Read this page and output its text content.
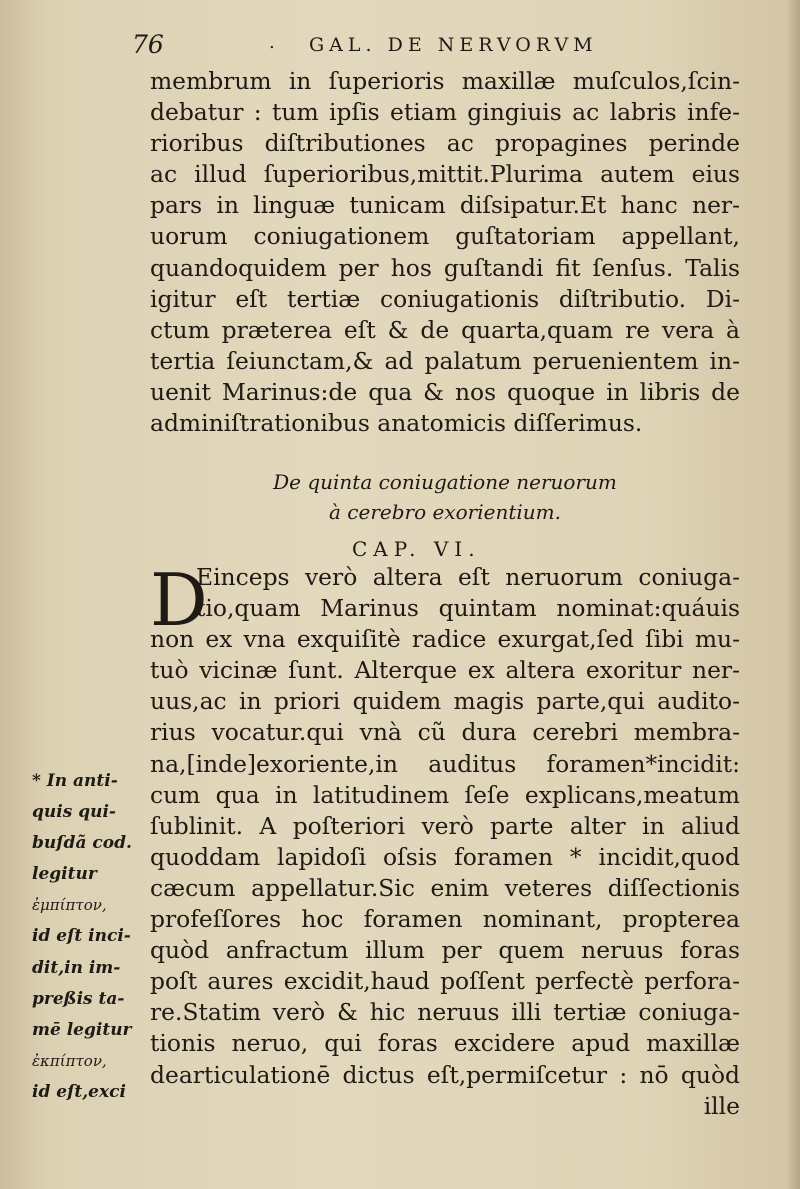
76	. GAL. DE NERVORVM
membrum in ſuperioris maxillæ muſculos,ſcin-
debatur : tum ipſis etiam gingiuis ac labris infe-
rioribus diſtributiones ac propagines perinde
ac illud ſuperioribus,mittit.Plurima autem eius
pars in linguæ tunicam diſsipatur.Et hanc ner-
uorum coniugationem guſtatoriam appellant,
quandoquidem per hos guſtandi fit ſenſus. Talis
igitur eſt tertiæ coniugationis diſtributio. Di-
ctum præterea eſt & de quarta,quam re vera à
tertia ſeiunctam,& ad palatum peruenientem in-
uenit Marinus:de qua & nos quoque in libris de
adminiſtrationibus anatomicis diſſerimus.
De quinta coniugatione neruorum
à cerebro exorientium.
CAP. VI.
D
Einceps verò altera eſt neruorum coniuga-
tio,quam Marinus quintam nominat:quáuis
non ex vna exquiſitè radice exurgat,ſed ſibi mu-
tuò vicinæ ſunt. Alterque ex altera exoritur ner-
uus,ac in priori quidem magis parte,qui audito-
rius vocatur.qui vnà cũ dura cerebri membra-
na,[inde]exoriente,in auditus foramen*incidit:
cum qua in latitudinem ſeſe explicans,meatum
ſublinit. A poſteriori verò parte alter in aliud
quoddam lapidoſi oſsis foramen * incidit,quod
cæcum appellatur.Sic enim veteres diſſectionis
profeſſores hoc foramen nominant, propterea
quòd anfractum illum per quem neruus foras
poſt aures excidit,haud poſſent perfectè perfora-
re.Statim verò & hic neruus illi tertiæ coniuga-
tionis neruo, qui foras excidere apud maxillæ
dearticulationē dictus eſt,permiſcetur : nō quòd
ille
* In anti-
quis qui-
buſdã cod.
legitur
ἐμπίπτον,
id eſt inci-
dit,in im-
preßis ta-
mē legitur
ἐκπίπτον,
id eſt,exci
